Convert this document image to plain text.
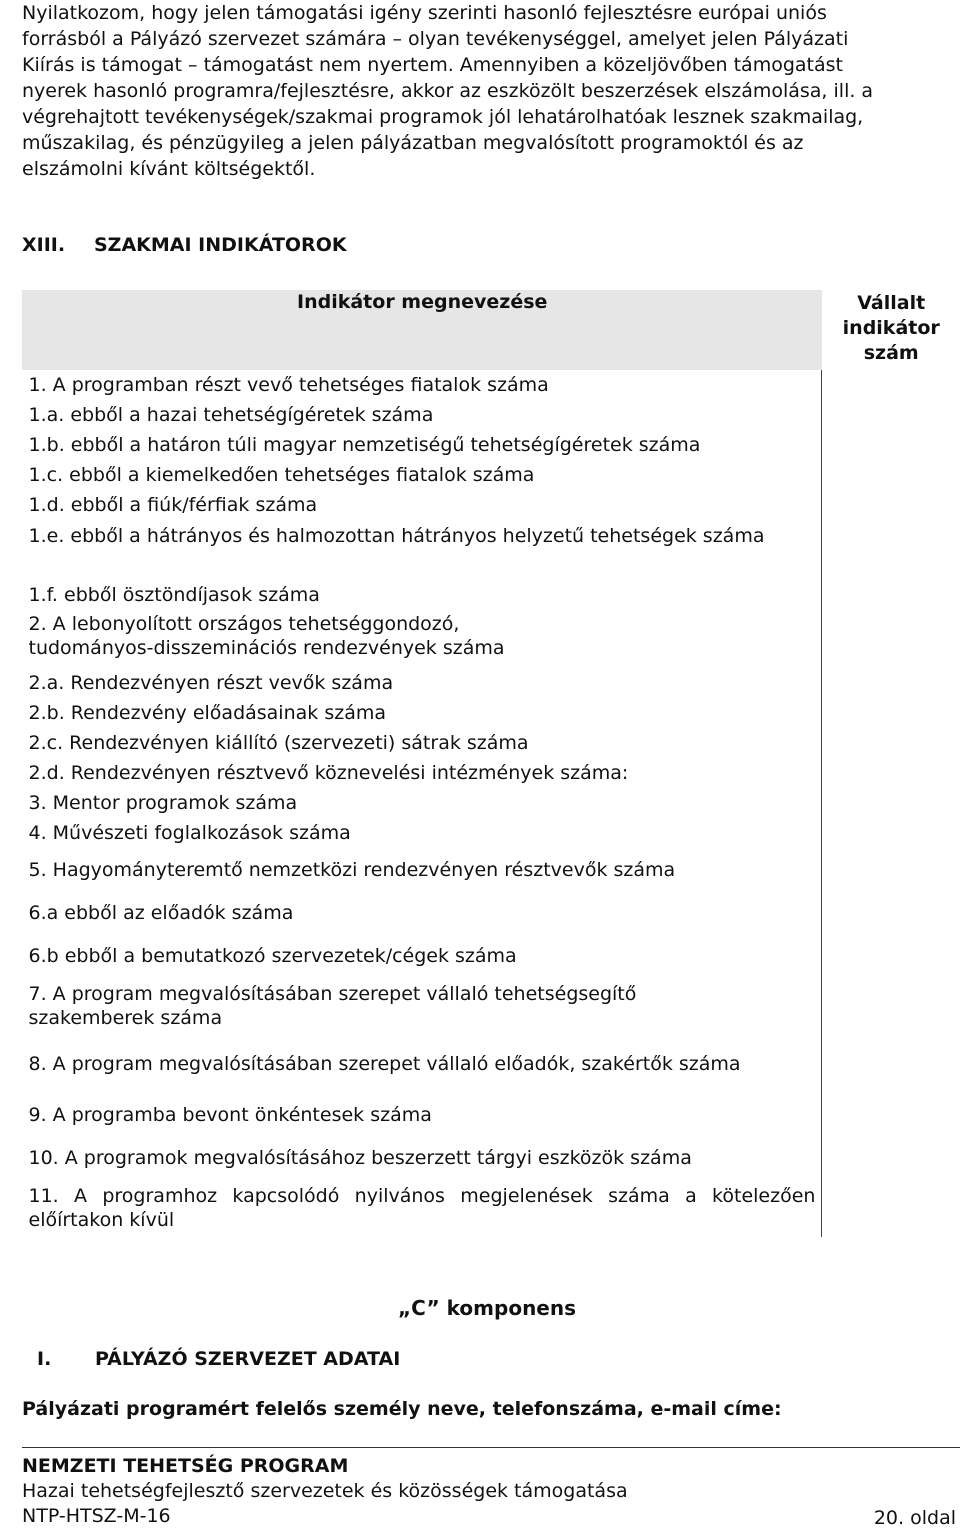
Nyilatkozom, hogy jelen támogatási igény szerinti hasonló fejlesztésre európai uniós
forrásból a Pályázó szervezet számára – olyan tevékenységgel, amelyet jelen Pályázati
Kiírás is támogat – támogatást nem nyertem. Amennyiben a közeljövőben támogatást
nyerek hasonló programra/fejlesztésre, akkor az eszközölt beszerzések elszámolása, ill. a
végrehajtott tevékenységek/szakmai programok jól lehatárolhatóak lesznek szakmailag,
műszakilag, és pénzügyileg a jelen pályázatban megvalósított programoktól és az
elszámolni kívánt költségektől.
XIII. SZAKMAI INDIKÁTOROK
Indikátor megnevezése	Vállalt
indikátor
szám

1. A programban részt vevő tehetséges fiatalok száma
1.a. ebből a hazai tehetségígéretek száma
1.b. ebből a határon túli magyar nemzetiségű tehetségígéretek száma
1.c. ebből a kiemelkedően tehetséges fiatalok száma
1.d. ebből a fiúk/férfiak száma
1.e. ebből a hátrányos és halmozottan hátrányos helyzetű tehetségek száma
1.f. ebből ösztöndíjasok száma
2. A lebonyolított országos tehetséggondozó, tudományos-disszeminációs rendezvények száma
2.a. Rendezvényen részt vevők száma
2.b. Rendezvény előadásainak száma
2.c. Rendezvényen kiállító (szervezeti) sátrak száma
2.d. Rendezvényen résztvevő köznevelési intézmények száma:
3. Mentor programok száma
4. Művészeti foglalkozások száma
5. Hagyományteremtő nemzetközi rendezvényen résztvevők száma
6.a ebből az előadók száma
6.b ebből a bemutatkozó szervezetek/cégek száma
7. A program megvalósításában szerepet vállaló tehetségsegítő szakemberek száma
8. A program megvalósításában szerepet vállaló előadók, szakértők száma
9. A programba bevont önkéntesek száma
10. A programok megvalósításához beszerzett tárgyi eszközök száma
11. A programhoz kapcsolódó nyilvános megjelenések száma a kötelezően előírtakon kívül
„C” komponens
I. PÁLYÁZÓ SZERVEZET ADATAI
Pályázati programért felelős személy neve, telefonszáma, e-mail címe:
NEMZETI TEHETSÉG PROGRAM
Hazai tehetségfejlesztő szervezetek és közösségek támogatása
NTP-HTSZ-M-16	20. oldal
